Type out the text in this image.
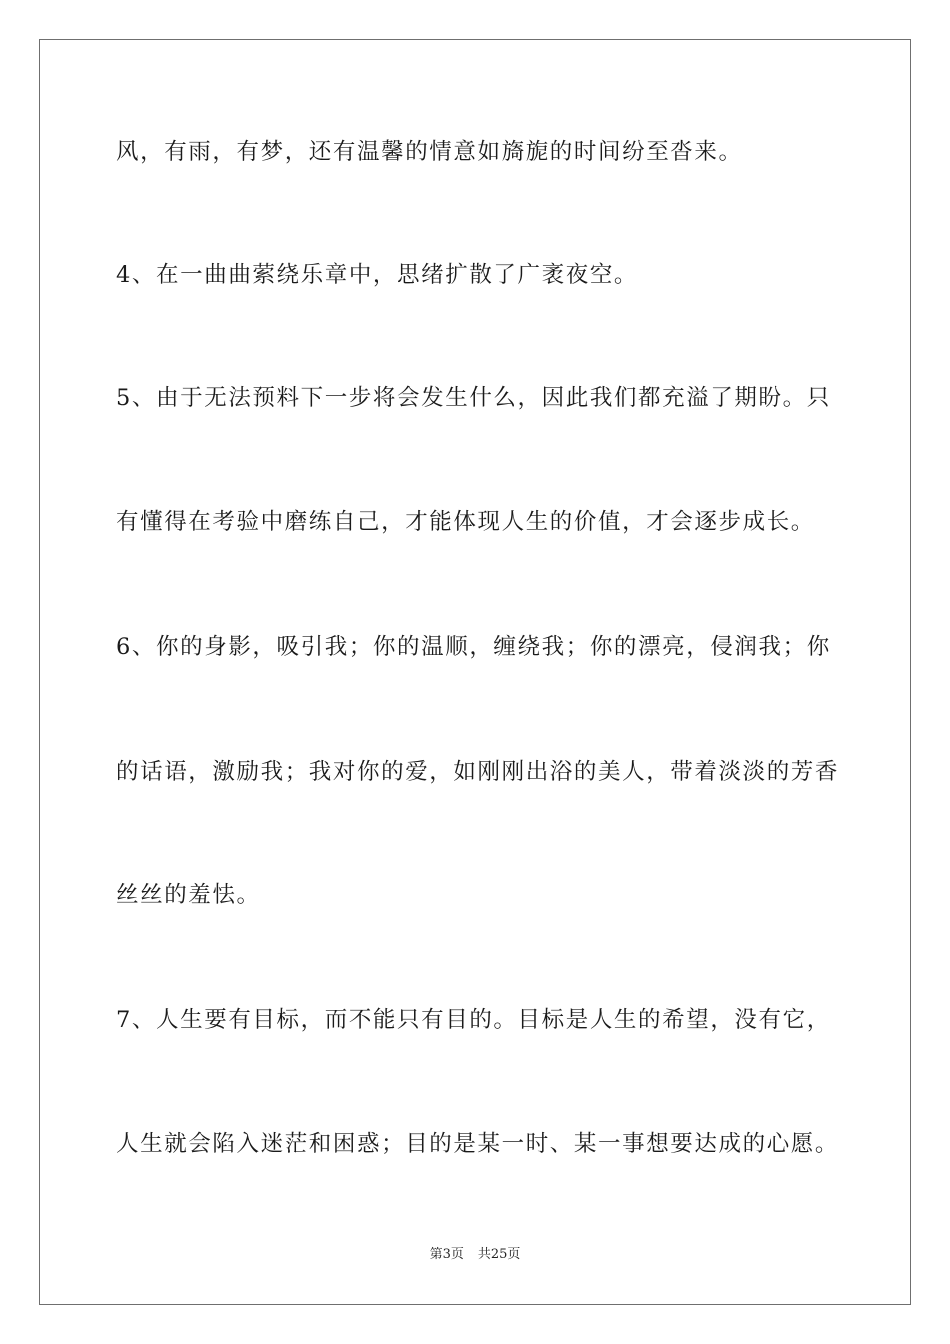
风，有雨，有梦，还有温馨的情意如旖旎的时间纷至沓来。
4、在一曲曲萦绕乐章中，思绪扩散了广袤夜空。
5、由于无法预料下一步将会发生什么，因此我们都充溢了期盼。只
有懂得在考验中磨练自己，才能体现人生的价值，才会逐步成长。
6、你的身影，吸引我；你的温顺，缠绕我；你的漂亮，侵润我；你
的话语，激励我；我对你的爱，如刚刚出浴的美人，带着淡淡的芳香
丝丝的羞怯。
7、人生要有目标，而不能只有目的。目标是人生的希望，没有它，
人生就会陷入迷茫和困惑；目的是某一时、某一事想要达成的心愿。
第3页 共25页
